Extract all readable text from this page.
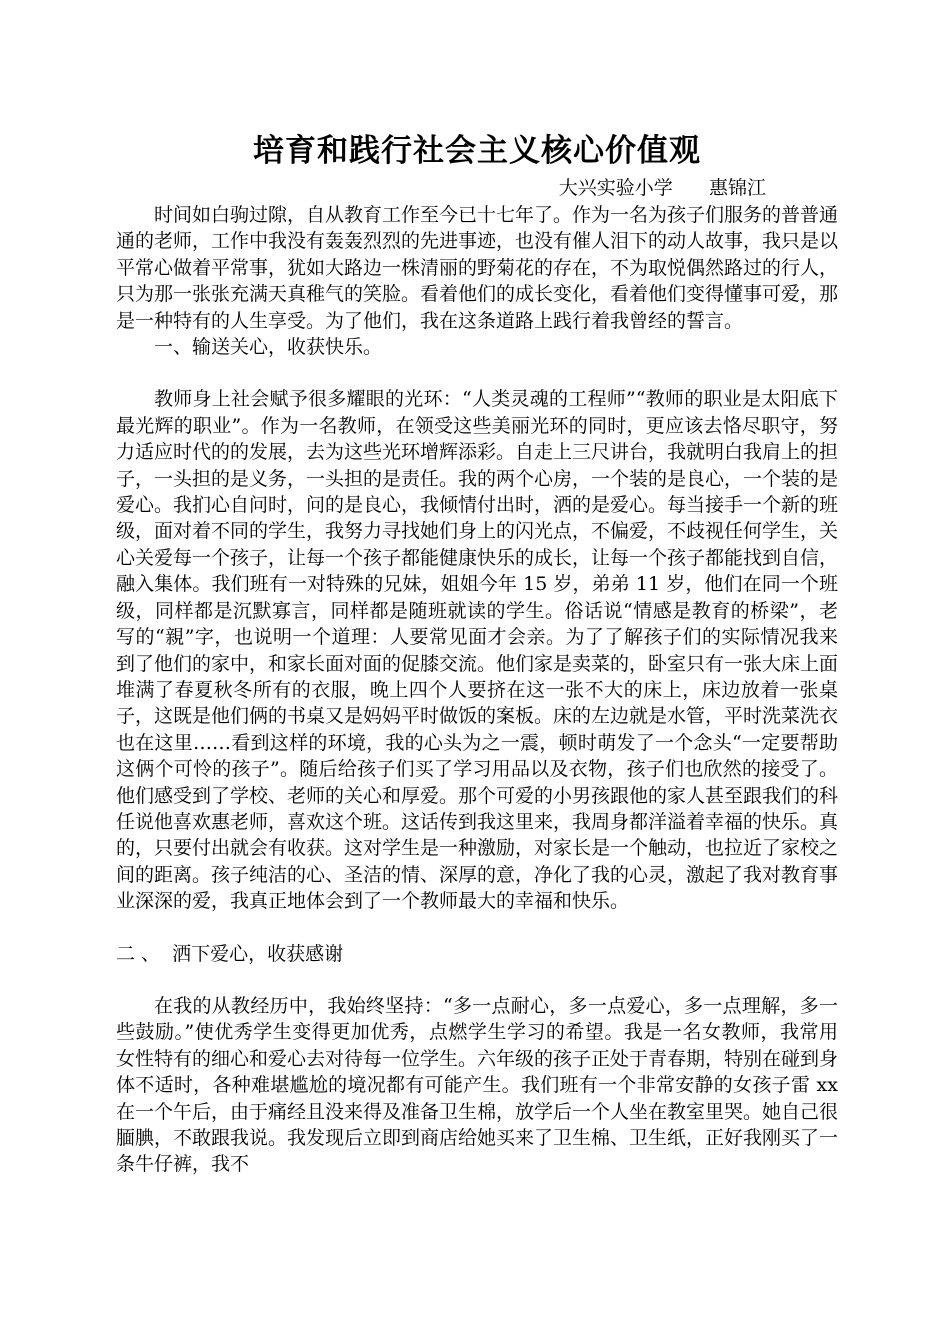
培育和践行社会主义核心价值观

大兴实验小学      惠锦江

时间如白驹过隙，自从教育工作至今已十七年了。作为一名为孩子们服务的普普通通的老师，工作中我没有轰轰烈烈的先进事迹，也没有催人泪下的动人故事，我只是以平常心做着平常事，犹如大路边一株清丽的野菊花的存在，不为取悦偶然路过的行人，只为那一张张充满天真稚气的笑脸。看着他们的成长变化，看着他们变得懂事可爱，那是一种特有的人生享受。为了他们，我在这条道路上践行着我曾经的誓言。

一、输送关心，收获快乐。

教师身上社会赋予很多耀眼的光环：“人类灵魂的工程师”“教师的职业是太阳底下最光辉的职业”。作为一名教师，在领受这些美丽光环的同时，更应该去恪尽职守，努力适应时代的的发展，去为这些光环增辉添彩。自走上三尺讲台，我就明白我肩上的担子，一头担的是义务，一头担的是责任。我的两个心房，一个装的是良心，一个装的是爱心。我扪心自问时，问的是良心，我倾情付出时，洒的是爱心。每当接手一个新的班级，面对着不同的学生，我努力寻找她们身上的闪光点，不偏爱，不歧视任何学生，关心关爱每一个孩子，让每一个孩子都能健康快乐的成长，让每一个孩子都能找到自信，融入集体。我们班有一对特殊的兄妹，姐姐今年 15 岁，弟弟 11 岁，他们在同一个班级，同样都是沉默寡言，同样都是随班就读的学生。俗话说“情感是教育的桥梁”，老写的“親”字，也说明一个道理：人要常见面才会亲。为了了解孩子们的实际情况我来到了他们的家中，和家长面对面的促膝交流。他们家是卖菜的，卧室只有一张大床上面堆满了春夏秋冬所有的衣服，晚上四个人要挤在这一张不大的床上，床边放着一张桌子，这既是他们俩的书桌又是妈妈平时做饭的案板。床的左边就是水管，平时洗菜洗衣也在这里……看到这样的环境，我的心头为之一震，顿时萌发了一个念头“一定要帮助这俩个可怜的孩子”。随后给孩子们买了学习用品以及衣物，孩子们也欣然的接受了。他们感受到了学校、老师的关心和厚爱。那个可爱的小男孩跟他的家人甚至跟我们的科任说他喜欢惠老师，喜欢这个班。这话传到我这里来，我周身都洋溢着幸福的快乐。真的，只要付出就会有收获。这对学生是一种激励，对家长是一个触动，也拉近了家校之间的距离。孩子纯洁的心、圣洁的情、深厚的意，净化了我的心灵，激起了我对教育事业深深的爱，我真正地体会到了一个教师最大的幸福和快乐。

二 、  洒下爱心，收获感谢

在我的从教经历中，我始终坚持：“多一点耐心，多一点爱心，多一点理解，多一些鼓励。”使优秀学生变得更加优秀，点燃学生学习的希望。我是一名女教师，我常用女性特有的细心和爱心去对待每一位学生。六年级的孩子正处于青春期，特别在碰到身体不适时，各种难堪尴尬的境况都有可能产生。我们班有一个非常安静的女孩子雷 xx 在一个午后，由于痛经且没来得及准备卫生棉，放学后一个人坐在教室里哭。她自己很腼腆，不敢跟我说。我发现后立即到商店给她买来了卫生棉、卫生纸，正好我刚买了一条牛仔裤，我不
